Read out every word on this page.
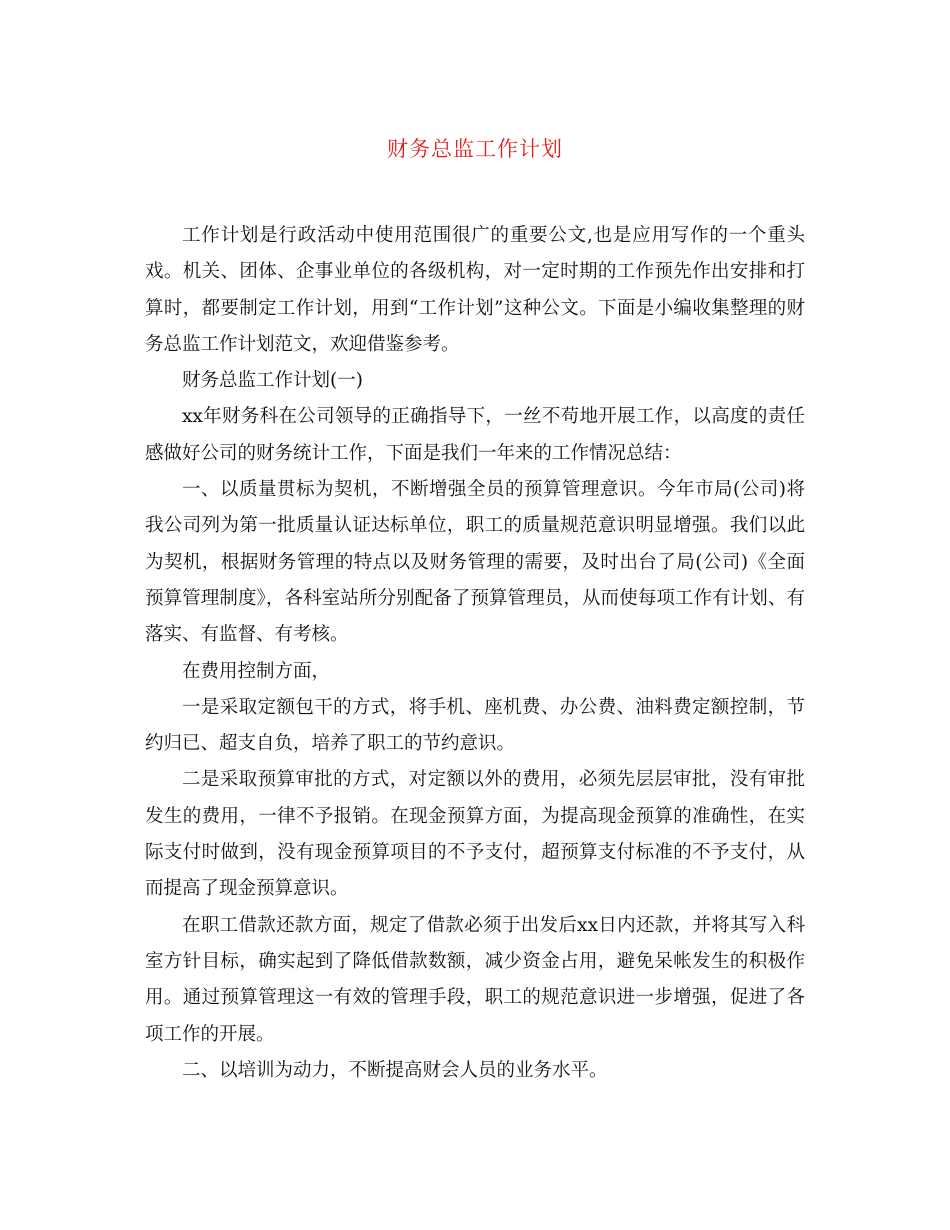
财务总监工作计划

工作计划是行政活动中使用范围很广的重要公文,也是应用写作的一个重头戏。机关、团体、企事业单位的各级机构，对一定时期的工作预先作出安排和打算时，都要制定工作计划，用到“工作计划”这种公文。下面是小编收集整理的财务总监工作计划范文，欢迎借鉴参考。

财务总监工作计划(一)

xx年财务科在公司领导的正确指导下，一丝不苟地开展工作，以高度的责任感做好公司的财务统计工作，下面是我们一年来的工作情况总结：

一、以质量贯标为契机，不断增强全员的预算管理意识。今年市局(公司)将我公司列为第一批质量认证达标单位，职工的质量规范意识明显增强。我们以此为契机，根据财务管理的特点以及财务管理的需要，及时出台了局(公司)《全面预算管理制度》，各科室站所分别配备了预算管理员，从而使每项工作有计划、有落实、有监督、有考核。

在费用控制方面，

一是采取定额包干的方式，将手机、座机费、办公费、油料费定额控制，节约归已、超支自负，培养了职工的节约意识。

二是采取预算审批的方式，对定额以外的费用，必须先层层审批，没有审批发生的费用，一律不予报销。在现金预算方面，为提高现金预算的准确性，在实际支付时做到，没有现金预算项目的不予支付，超预算支付标准的不予支付，从而提高了现金预算意识。

在职工借款还款方面，规定了借款必须于出发后xx日内还款，并将其写入科室方针目标，确实起到了降低借款数额，减少资金占用，避免呆帐发生的积极作用。通过预算管理这一有效的管理手段，职工的规范意识进一步增强，促进了各项工作的开展。

二、以培训为动力，不断提高财会人员的业务水平。
